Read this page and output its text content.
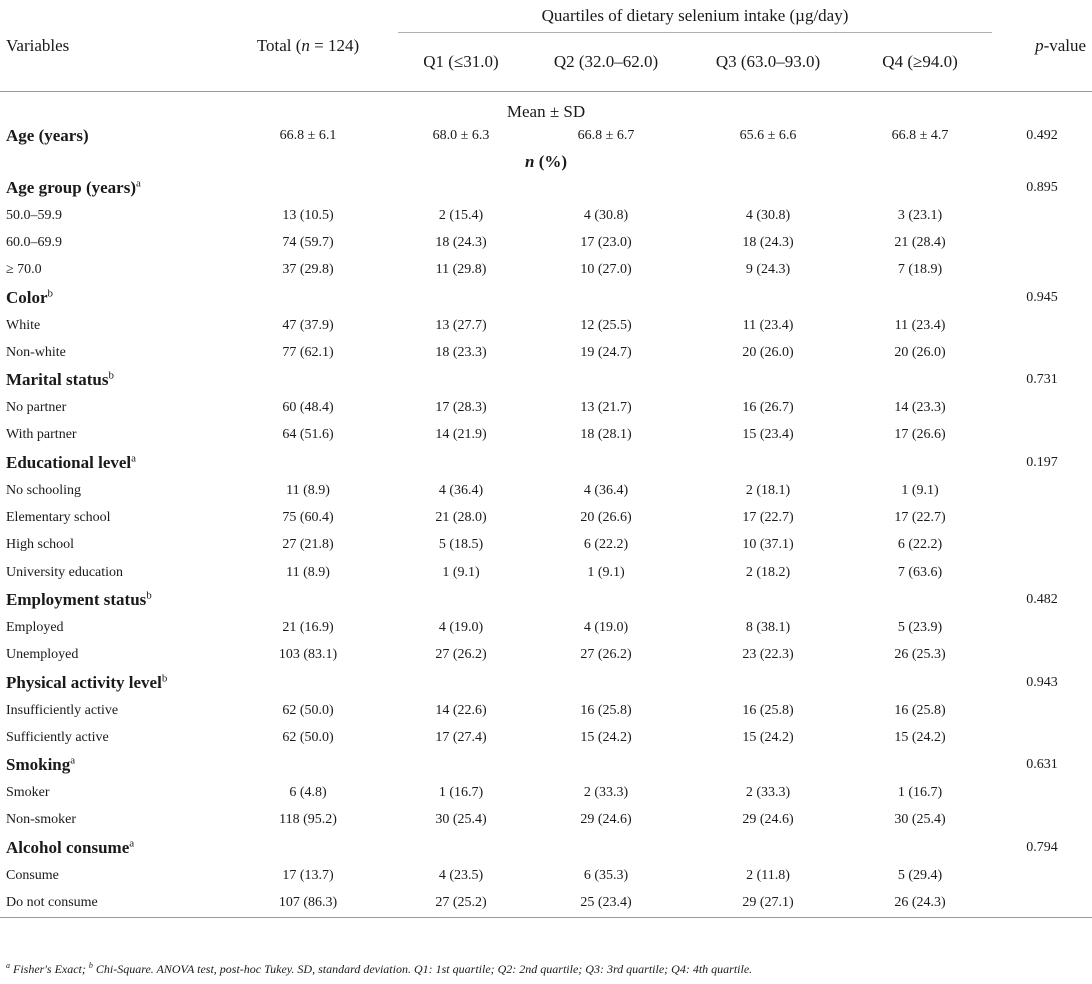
Variables	Total (n = 124)	Quartiles of dietary selenium intake (µg/day)				p-value
		Q1 (≤31.0)	Q2 (32.0–62.0)	Q3 (63.0–93.0)	Q4 (≥94.0)	
Mean ± SD						
Age (years)	66.8 ± 6.1	68.0 ± 6.3	66.8 ± 6.7	65.6 ± 6.6	66.8 ± 4.7	0.492
n (%)						
Age group (years)$^a$						0.895
50.0–59.9	13 (10.5)	2 (15.4)	4 (30.8)	4 (30.8)	3 (23.1)	
60.0–69.9	74 (59.7)	18 (24.3)	17 (23.0)	18 (24.3)	21 (28.4)	
≥ 70.0	37 (29.8)	11 (29.8)	10 (27.0)	9 (24.3)	7 (18.9)	
Color$^b$						0.945
White	47 (37.9)	13 (27.7)	12 (25.5)	11 (23.4)	11 (23.4)	
Non-white	77 (62.1)	18 (23.3)	19 (24.7)	20 (26.0)	20 (26.0)	
Marital status$^b$						0.731
No partner	60 (48.4)	17 (28.3)	13 (21.7)	16 (26.7)	14 (23.3)	
With partner	64 (51.6)	14 (21.9)	18 (28.1)	15 (23.4)	17 (26.6)	
Educational level$^a$						0.197
No schooling	11 (8.9)	4 (36.4)	4 (36.4)	2 (18.1)	1 (9.1)	
Elementary school	75 (60.4)	21 (28.0)	20 (26.6)	17 (22.7)	17 (22.7)	
High school	27 (21.8)	5 (18.5)	6 (22.2)	10 (37.1)	6 (22.2)	
University education	11 (8.9)	1 (9.1)	1 (9.1)	2 (18.2)	7 (63.6)	
Employment status$^b$						0.482
Employed	21 (16.9)	4 (19.0)	4 (19.0)	8 (38.1)	5 (23.9)	
Unemployed	103 (83.1)	27 (26.2)	27 (26.2)	23 (22.3)	26 (25.3)	
Physical activity level$^b$						0.943
Insufficiently active	62 (50.0)	14 (22.6)	16 (25.8)	16 (25.8)	16 (25.8)	
Sufficiently active	62 (50.0)	17 (27.4)	15 (24.2)	15 (24.2)	15 (24.2)	
Smoking$^a$						0.631
Smoker	6 (4.8)	1 (16.7)	2 (33.3)	2 (33.3)	1 (16.7)	
Non-smoker	118 (95.2)	30 (25.4)	29 (24.6)	29 (24.6)	30 (25.4)	
Alcohol consume$^a$						0.794
Consume	17 (13.7)	4 (23.5)	6 (35.3)	2 (11.8)	5 (29.4)	
Do not consume	107 (86.3)	27 (25.2)	25 (23.4)	29 (27.1)	26 (24.3)	
$^a$ Fisher's Exact; $^b$ Chi-Square. ANOVA test, post-hoc Tukey. SD, standard deviation. Q1: 1st quartile; Q2: 2nd quartile; Q3: 3rd quartile; Q4: 4th quartile.
